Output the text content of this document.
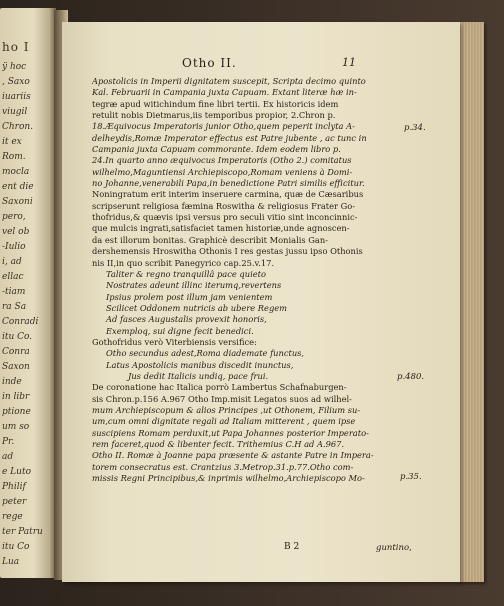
ho I
ÿ hoc
‚ Saxo
iuariis
viugil
Chron.
it ex
Rom.
mocla
ent die
Saxoni
pero,
vel ob
-Iulio
i, ad
ellac
-tiam
ra Sa
Conradi
itu Co.
Conra
Saxon
inde
in libr
ptione
um so
Pr.
ad
e Luto
Philif
peter
rege
ter Patru
itu Co
Lua
Otho II.	11
Apostolicis in Imperii dignitatem suscepit, Scripta decimo quinto
Kal. Februarii in Campania juxta Capuam. Extant literæ hæ in-
tegræ apud witichindum fine libri tertii. Ex historicis idem
retulit nobis Dietmarus,iis temporibus propior, 2.Chron p.
18.Æquivocus Imperatoris junior Otho,quem peperit inclyta A-
delheydis,Romæ Imperator effectus est Patre jubente , ac tunc in
Campania juxta Capuam commorante. Idem eodem libro p.
24.In quarto anno æquivocus Imperatoris (Otho 2.) comitatus
wilhelmo,Maguntiensi Archiepiscopo,Romam veniens à Domi-
no Johanne,venerabili Papa,in benedictione Patri similis efficitur.
Noningratum erit interim inseruere carmina, quæ de Cæsaribus
scripserunt religiosa fæmina Roswitha & religiosus Frater Go-
thofridus,& quævis ipsi versus pro seculi vitio sint inconcinnic-
que mulcis ingrati,satisfaciet tamen historiæ,unde agnoscen-
da est illorum bonitas. Graphicè describit Monialis Gan-
dershemensis Hroswitha Othonis I res gestas jussu ipso Othonis
nis II,in quo scribit Panegyrico cap.25.v.17.
Taliter & regno tranquillâ pace quieto
Nostrates adeunt illinc iterumq,revertens
Ipsius prolem post illum jam venientem
Scilicet Oddonem nutricis ab ubere Regem
Ad fasces Augustalis provexit honoris,
Exemploq, sui digne fecit benedici.
Gothofridus verò Viterbiensis versifice:
Otho secundus adest,Roma diademate functus,
Latus Apostolicis manibus discedit inunctus,
Jus dedit Italicis undiq, pace frui.
De coronatione hac Italica porrò Lambertus Schafnaburgen-
sis Chron.p.156 A.967 Otho Imp.misit Legatos suos ad wilhel-
mum Archiepiscopum & alios Principes ,ut Othonem, Filium su-
um,cum omni dignitate regali ad Italiam mitterent , quem ipse
suscipiens Romam perduxit,ut Papa Johannes posterior Imperato-
rem faceret,quod & libenter fecit. Trithemius C.H ad A.967.
Otho II. Romæ à Joanne papa præsente & astante Patre in Impera-
torem consecratus est. Crantzius 3.Metrop.31.p.77.Otho com-
missis Regni Principibus,& inprimis wilhelmo,Archiepiscopo Mo-
p.34.
p.480.
p.35.
B 2	guntino,
